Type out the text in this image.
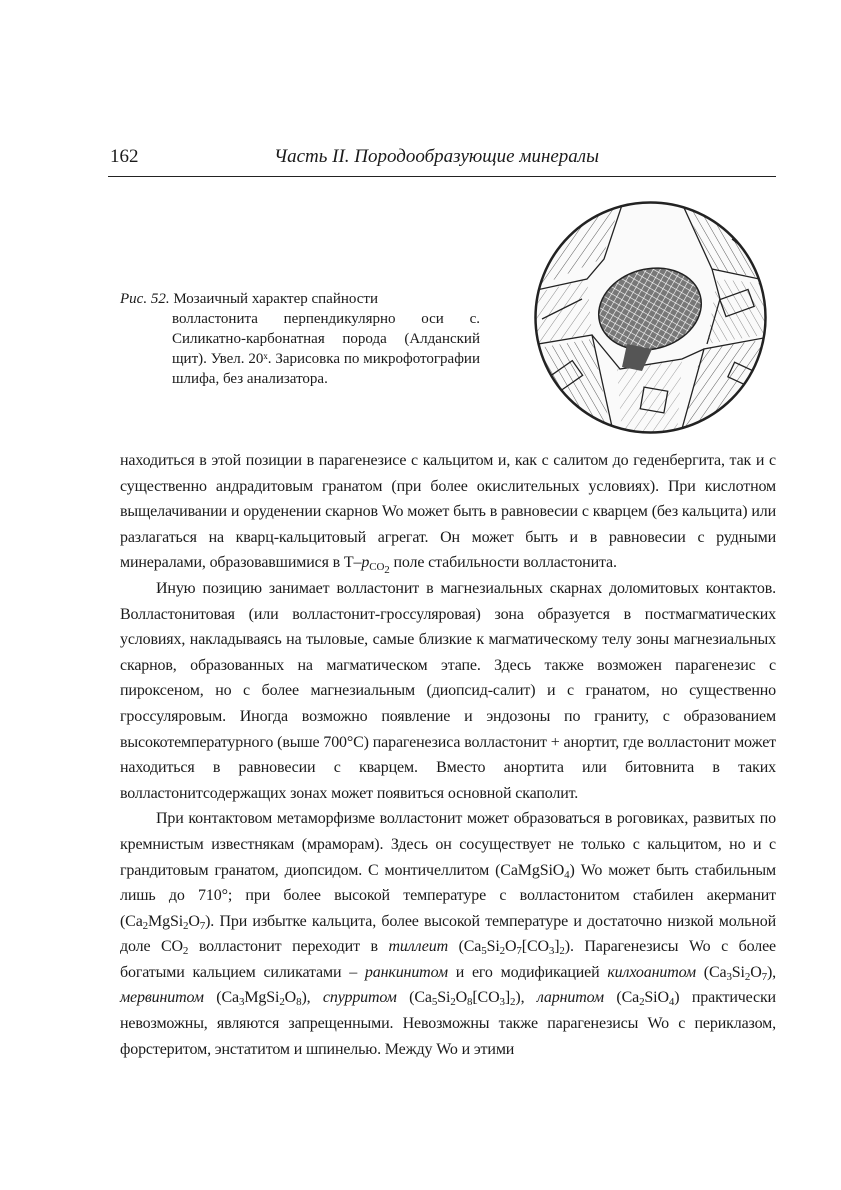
162	Часть II. Породообразующие минералы
Рис. 52. Мозаичный характер спайности
волластонита перпендикулярно оси c. Силикатно-карбонатная порода (Алданский щит). Увел. 20ˣ. Зарисовка по микрофотографии шлифа, без анализатора.

находиться в этой позиции в парагенезисе с кальцитом и, как с салитом до геденбергита, так и с существенно андрадитовым гранатом (при более окислительных условиях). При кислотном выщелачивании и оруденении скарнов Wo может быть в равновесии с кварцем (без кальцита) или разлагаться на кварц-кальцитовый агрегат. Он может быть и в равновесии с рудными минералами, образовавшимися в $T-p_{CO_2}$ поле стабильности волластонита.

Иную позицию занимает волластонит в магнезиальных скарнах доломитовых контактов. Волластонитовая (или волластонит-гроссуляровая) зона образуется в постмагматических условиях, накладываясь на тыловые, самые близкие к магматическому телу зоны магнезиальных скарнов, образованных на магматическом этапе. Здесь также возможен парагенезис с пироксеном, но с более магнезиальным (диопсид-салит) и с гранатом, но существенно гроссуляровым. Иногда возможно появление и эндозоны по граниту, с образованием высокотемпературного (выше 700°C) парагенезиса волластонит + анортит, где волластонит может находиться в равновесии с кварцем. Вместо анортита или битовнита в таких волластонитсодержащих зонах может появиться основной скаполит.

При контактовом метаморфизме волластонит может образоваться в роговиках, развитых по кремнистым известнякам (мраморам). Здесь он сосуществует не только с кальцитом, но и с грандитовым гранатом, диопсидом. С монтичеллитом (CaMgSiO$_4$) Wo может быть стабильным лишь до 710°; при более высокой температуре с волластонитом стабилен акерманит $(Ca_2MgSi_2O_7)$. При избытке кальцита, более высокой температуре и достаточно низкой мольной доле $CO_2$ волластонит переходит в тиллеит $(Ca_5Si_2O_7[CO_3]_2)$. Парагенезисы Wo с более богатыми кальцием силикатами – ранкинитом и его модификацией килхоанитом $(Ca_3Si_2O_7)$, мервинитом $(Ca_3MgSi_2O_8)$, спурритом $(Ca_5Si_2O_8[CO_3]_2)$, ларнитом $(Ca_2SiO_4)$ практически невозможны, являются запрещенными. Невозможны также парагенезисы Wo с периклазом, форстеритом, энстатитом и шпинелью. Между Wo и этими
